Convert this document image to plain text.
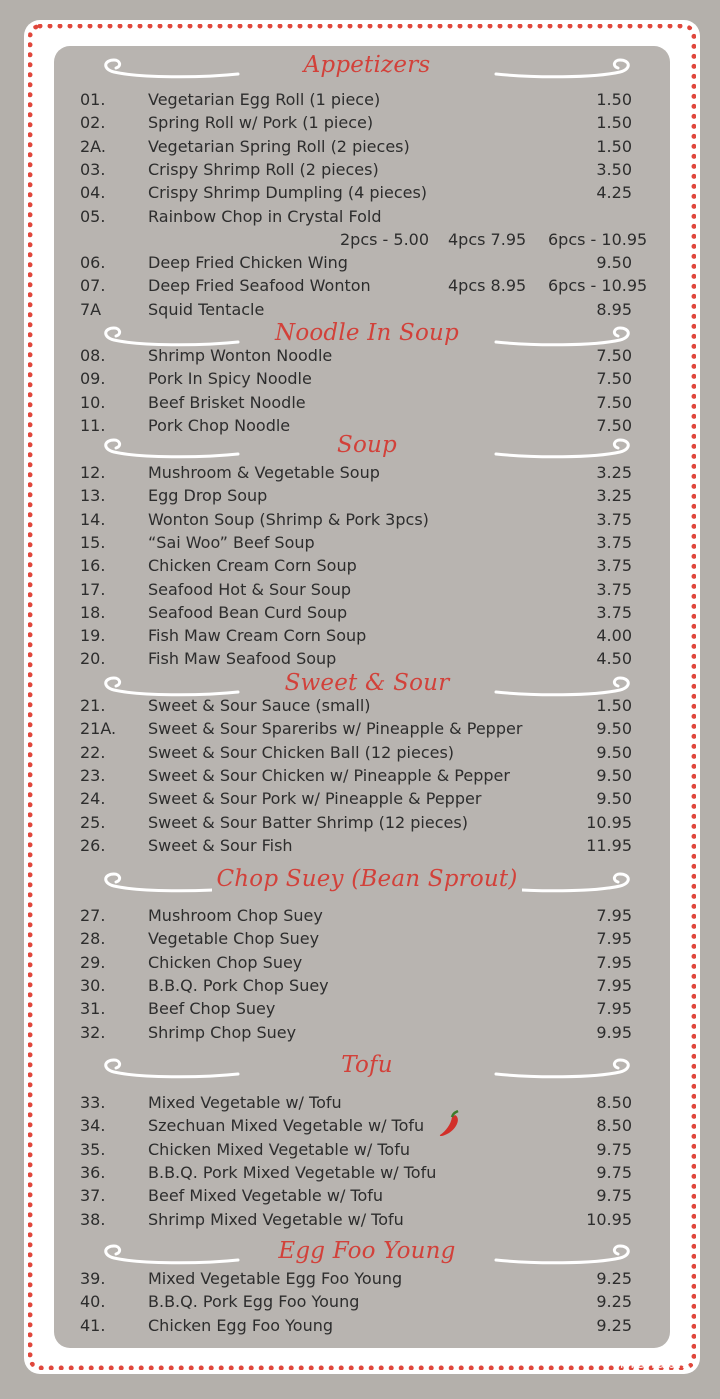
Appetizers
01.	Vegetarian Egg Roll (1 piece)	1.50
02.	Spring Roll w/ Pork (1 piece)	1.50
2A.	Vegetarian Spring Roll (2 pieces)	1.50
03.	Crispy Shrimp Roll (2 pieces)	3.50
04.	Crispy Shrimp Dumpling (4 pieces)	4.25
05.	Rainbow Chop in Crystal Fold
2pcs - 5.00 4pcs 7.95 6pcs - 10.95
06.	Deep Fried Chicken Wing	9.50
07.	Deep Fried Seafood Wonton	4pcs 8.95 6pcs - 10.95
7A	Squid Tentacle	8.95
Noodle In Soup
08.	Shrimp Wonton Noodle	7.50
09.	Pork In Spicy Noodle	7.50
10.	Beef Brisket Noodle	7.50
11.	Pork Chop Noodle	7.50
Soup
12.	Mushroom & Vegetable Soup	3.25
13.	Egg Drop Soup	3.25
14.	Wonton Soup (Shrimp & Pork 3pcs)	3.75
15.	“Sai Woo” Beef Soup	3.75
16.	Chicken Cream Corn Soup	3.75
17.	Seafood Hot & Sour Soup	3.75
18.	Seafood Bean Curd Soup	3.75
19.	Fish Maw Cream Corn Soup	4.00
20.	Fish Maw Seafood Soup	4.50
Sweet & Sour
21.	Sweet & Sour Sauce (small)	1.50
21A. Sweet & Sour Spareribs w/ Pineapple & Pepper	9.50
22.	Sweet & Sour Chicken Ball (12 pieces)	9.50
23.	Sweet & Sour Chicken w/ Pineapple & Pepper	9.50
24.	Sweet & Sour Pork w/ Pineapple & Pepper	9.50
25.	Sweet & Sour Batter Shrimp (12 pieces)	10.95
26.	Sweet & Sour Fish	11.95
Chop Suey (Bean Sprout)
27.	Mushroom Chop Suey	7.95
28.	Vegetable Chop Suey	7.95
29.	Chicken Chop Suey	7.95
30.	B.B.Q. Pork Chop Suey	7.95
31.	Beef Chop Suey	7.95
32.	Shrimp Chop Suey	9.95
Tofu
33.	Mixed Vegetable w/ Tofu	8.50
34.	Szechuan Mixed Vegetable w/ Tofu	8.50
35.	Chicken Mixed Vegetable w/ Tofu	9.75
36.	B.B.Q. Pork Mixed Vegetable w/ Tofu	9.75
37.	Beef Mixed Vegetable w/ Tofu	9.75
38.	Shrimp Mixed Vegetable w/ Tofu	10.95
Egg Foo Young
39.	Mixed Vegetable Egg Foo Young	9.25
40.	B.B.Q. Pork Egg Foo Young	9.25
41.	Chicken Egg Foo Young	9.25
menupix
